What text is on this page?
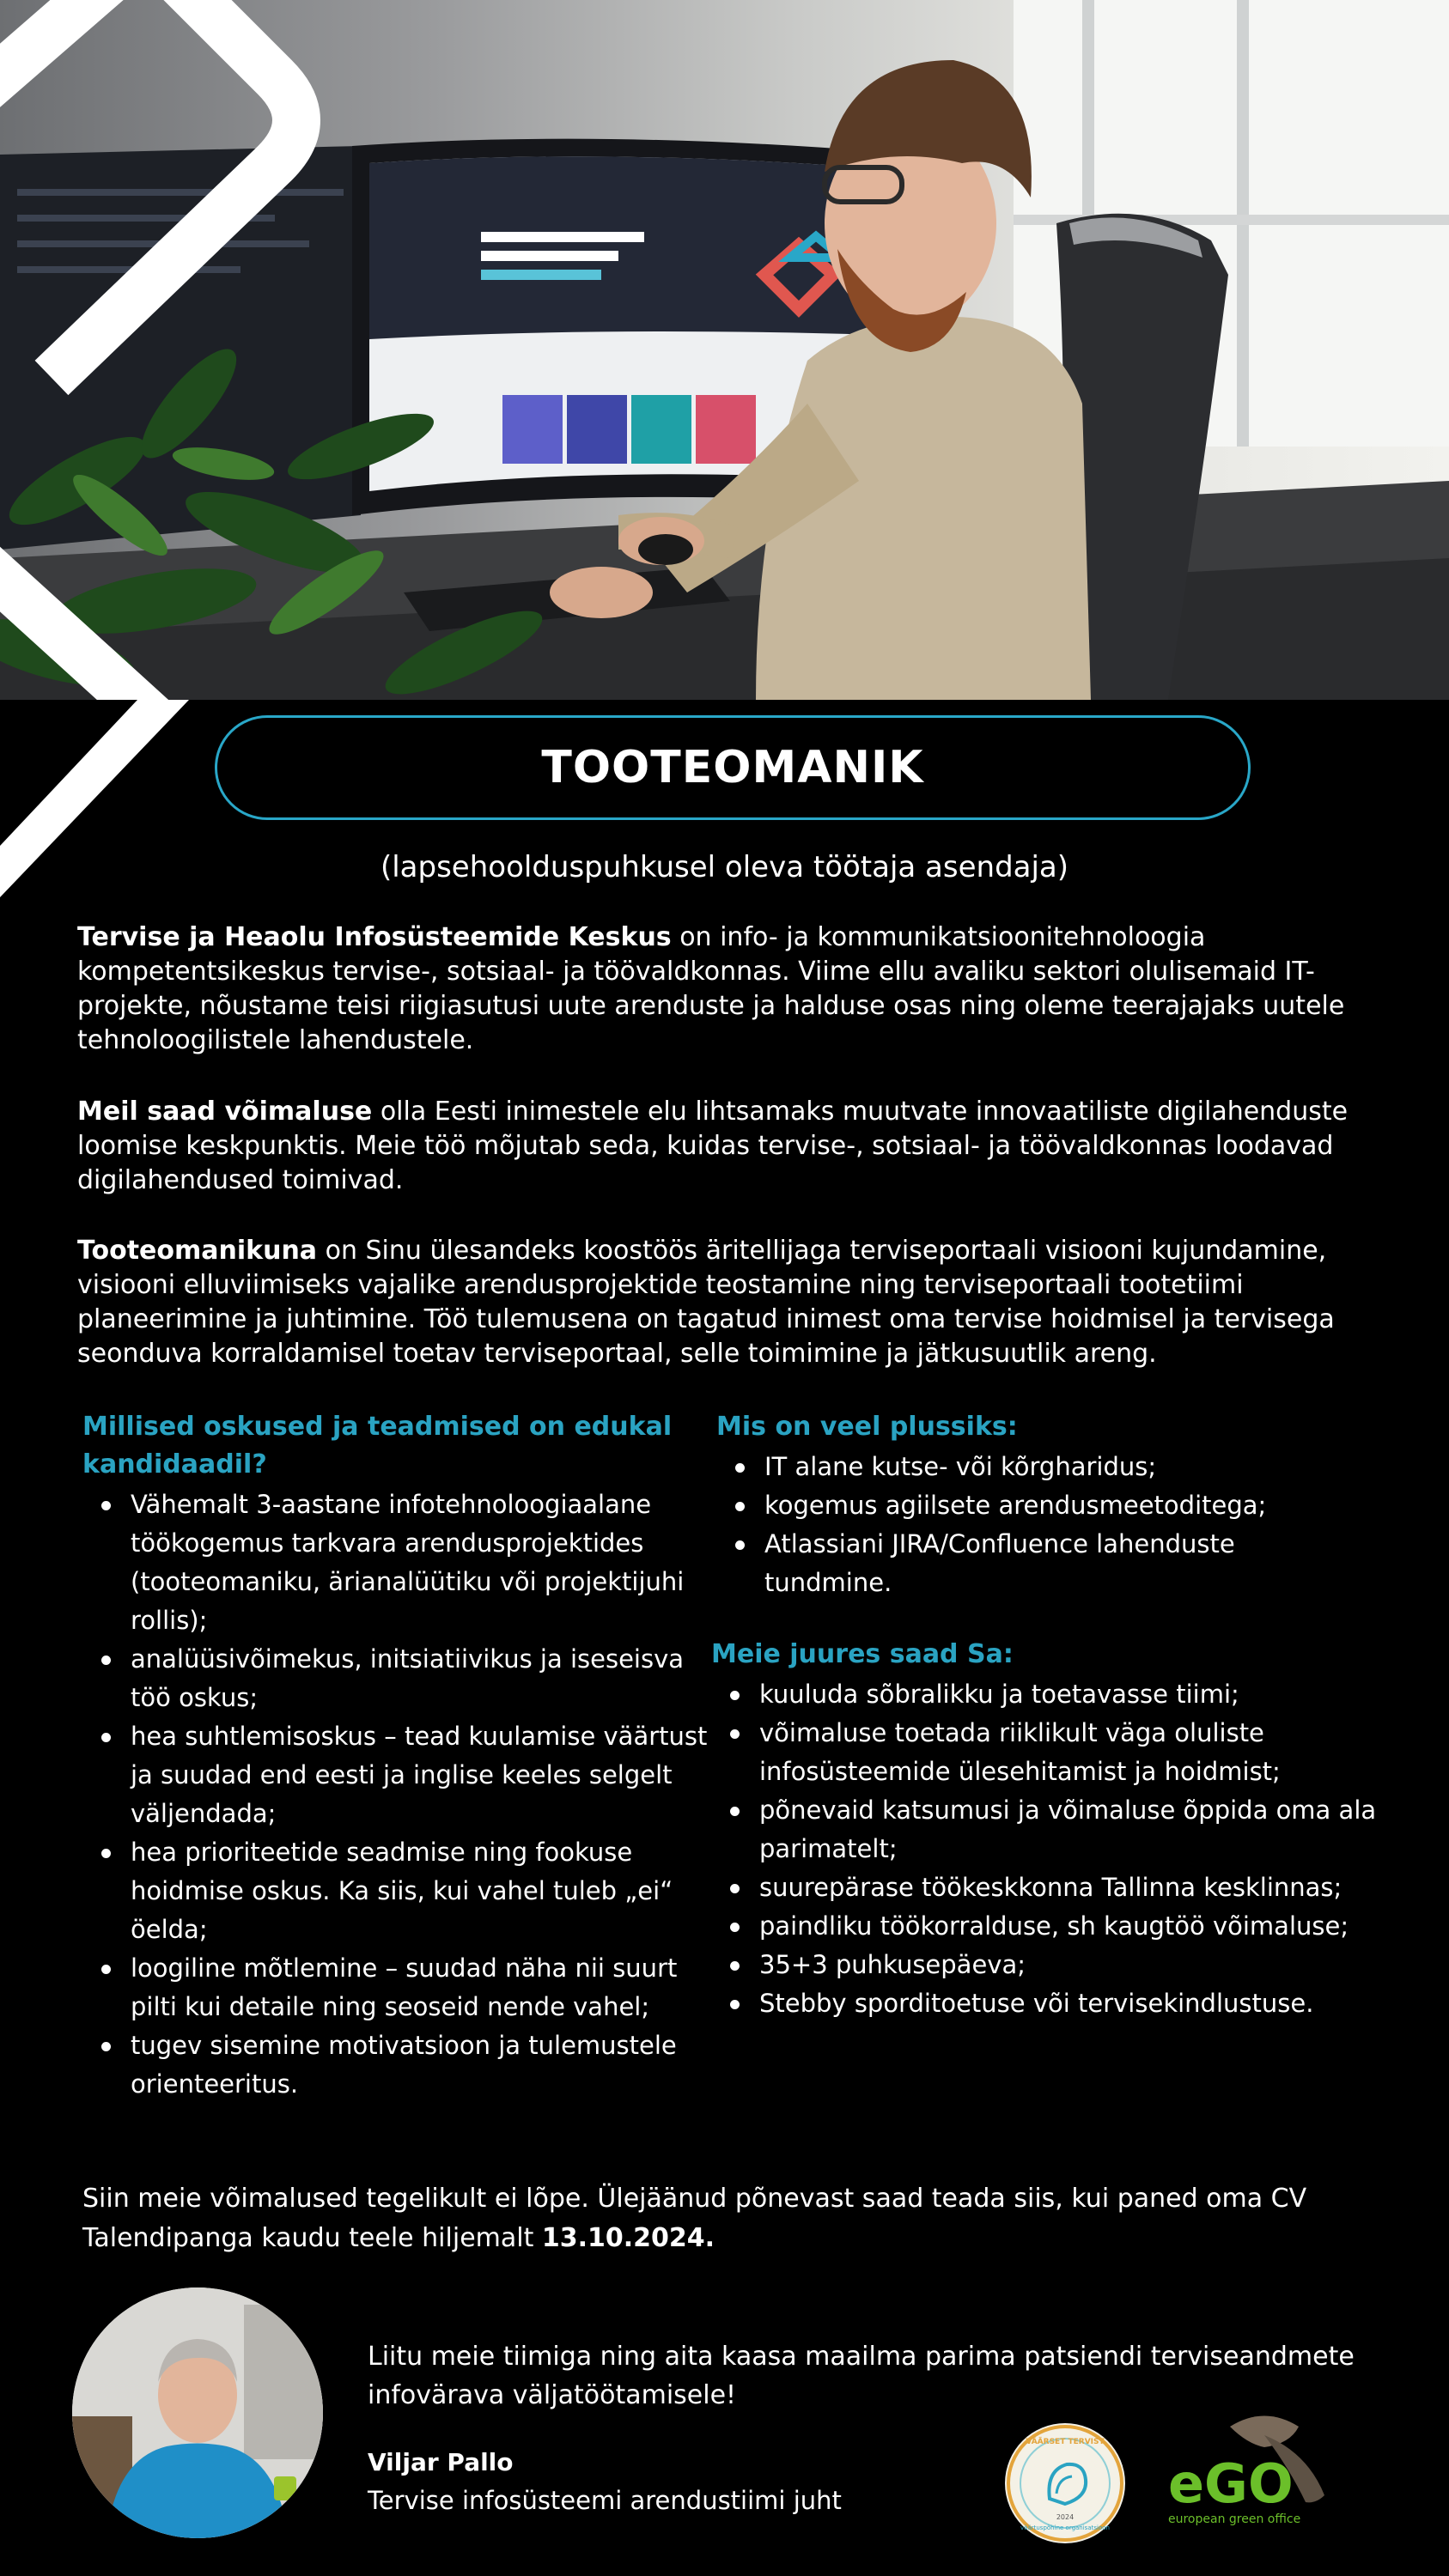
TOOTEOMANIK
(lapsehoolduspuhkusel oleva töötaja asendaja)

Tervise ja Heaolu Infosüsteemide Keskus on info- ja kommunikatsioonitehnoloogia kompetentsikeskus tervise-, sotsiaal- ja töövaldkonnas. Viime ellu avaliku sektori olulisemaid IT-projekte, nõustame teisi riigiasutusi uute arenduste ja halduse osas ning oleme teerajajaks uutele tehnoloogilistele lahendustele.

Meil saad võimaluse olla Eesti inimestele elu lihtsamaks muutvate innovaatiliste digilahenduste loomise keskpunktis. Meie töö mõjutab seda, kuidas tervise-, sotsiaal- ja töövaldkonnas loodavad digilahendused toimivad.

Tooteomanikuna on Sinu ülesandeks koostöös äritellijaga terviseportaali visiooni kujundamine, visiooni elluviimiseks vajalike arendusprojektide teostamine ning terviseportaali tootetiimi planeerimine ja juhtimine. Töö tulemusena on tagatud inimest oma tervise hoidmisel ja tervisega seonduva korraldamisel toetav terviseportaal, selle toimimine ja jätkusuutlik areng.

Millised oskused ja teadmised on edukal kandidaadil?

Vähemalt 3-aastane infotehnoloogiaalane töökogemus tarkvara arendusprojektides (tooteomaniku, ärianalüütiku või projektijuhi rollis);
analüüsivõimekus, initsiatiivikus ja iseseisva töö oskus;
hea suhtlemisoskus – tead kuulamise väärtust ja suudad end eesti ja inglise keeles selgelt väljendada;
hea prioriteetide seadmise ning fookuse hoidmise oskus. Ka siis, kui vahel tuleb „ei“ öelda;
loogiline mõtlemine – suudad näha nii suurt pilti kui detaile ning seoseid nende vahel;
tugev sisemine motivatsioon ja tulemustele orienteeritus.

Mis on veel plussiks:

IT alane kutse- või kõrgharidus;
kogemus agiilsete arendusmeetoditega;
Atlassiani JIRA/Confluence lahenduste tundmine.

Meie juures saad Sa:

kuuluda sõbralikku ja toetavasse tiimi;
võimaluse toetada riiklikult väga oluliste infosüsteemide ülesehitamist ja hoidmist;
põnevaid katsumusi ja võimaluse õppida oma ala parimatelt;
suurepärase töökeskkonna Tallinna kesklinnas;
paindliku töökorralduse, sh kaugtöö võimaluse;
35+3 puhkusepäeva;
Stebby sporditoetuse või tervisekindlustuse.

Siin meie võimalused tegelikult ei lõpe. Ülejäänud põnevast saad teada siis, kui paned oma CV Talendipanga kaudu teele hiljemalt 13.10.2024.

Liitu meie tiimiga ning aita kaasa maailma parima patsiendi terviseandmete infovärava väljatöötamisele!

Viljar Pallo
Tervise infosüsteemi arendustiimi juht
VÄÄRSET TERVIST
väärtuspõhine organisatsioon
2024
eGO
european green office
